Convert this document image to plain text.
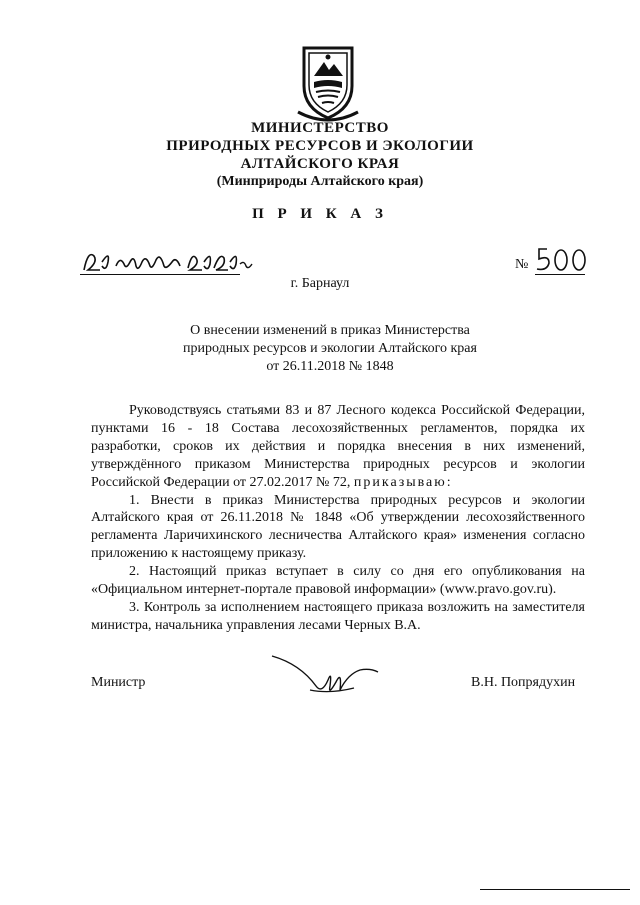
МИНИСТЕРСТВО
ПРИРОДНЫХ РЕСУРСОВ И ЭКОЛОГИИ
АЛТАЙСКОГО КРАЯ
(Минприроды Алтайского края)
П Р И К А З
№
г. Барнаул
О внесении изменений в приказ Министерства
природных ресурсов и экологии Алтайского края
от 26.11.2018 № 1848

Руководствуясь статьями 83 и 87 Лесного кодекса Российской Федерации, пунктами 16 - 18 Состава лесохозяйственных регламентов, порядка их разработки, сроков их действия и порядка внесения в них изменений, утверждённого приказом Министерства природных ресурсов и экологии Российской Федерации от 27.02.2017 № 72, приказываю:

1. Внести в приказ Министерства природных ресурсов и экологии Алтайского края от 26.11.2018 № 1848 «Об утверждении лесохозяйственного регламента Ларичихинского лесничества Алтайского края» изменения согласно приложению к настоящему приказу.

2. Настоящий приказ вступает в силу со дня его опубликования на «Официальном интернет-портале правовой информации» (www.pravo.gov.ru).

3. Контроль за исполнением настоящего приказа возложить на заместителя министра, начальника управления лесами Черных В.А.

Министр	В.Н. Попрядухин
